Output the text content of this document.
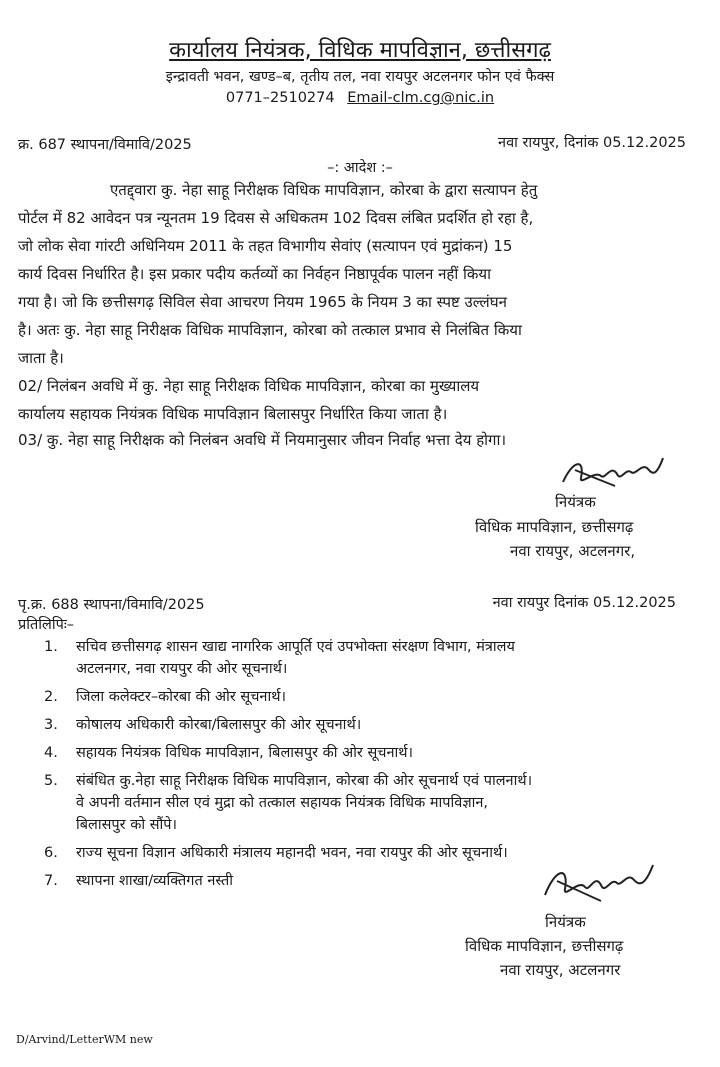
कार्यालय नियंत्रक, विधिक मापविज्ञान, छत्तीसगढ़
इन्द्रावती भवन, खण्ड–ब, तृतीय तल, नवा रायपुर अटलनगर फोन एवं फैक्स
0771–2510274 Email-clm.cg@nic.in
क्र. 687 स्थापना/विमावि/2025	नवा रायपुर, दिनांक 05.12.2025
–: आदेश :–
एतद्द्वारा कु. नेहा साहू निरीक्षक विधिक मापविज्ञान, कोरबा के द्वारा सत्यापन हेतु
पोर्टल में 82 आवेदन पत्र न्यूनतम 19 दिवस से अधिकतम 102 दिवस लंबित प्रदर्शित हो रहा है,
जो लोक सेवा गांरटी अधिनियम 2011 के तहत विभागीय सेवांए (सत्यापन एवं मुद्रांकन) 15
कार्य दिवस निर्धारित है। इस प्रकार पदीय कर्तव्यों का निर्वहन निष्ठापूर्वक पालन नहीं किया
गया है। जो कि छत्तीसगढ़ सिविल सेवा आचरण नियम 1965 के नियम 3 का स्पष्ट उल्लंघन
है। अतः कु. नेहा साहू निरीक्षक विधिक मापविज्ञान, कोरबा को तत्काल प्रभाव से निलंबित किया
जाता है।
02/ निलंबन अवधि में कु. नेहा साहू निरीक्षक विधिक मापविज्ञान, कोरबा का मुख्यालय
कार्यालय सहायक नियंत्रक विधिक मापविज्ञान बिलासपुर निर्धारित किया जाता है।
03/ कु. नेहा साहू निरीक्षक को निलंबन अवधि में नियमानुसार जीवन निर्वाह भत्ता देय होगा।
नियंत्रक
विधिक मापविज्ञान, छत्तीसगढ़
नवा रायपुर, अटलनगर,
पृ.क्र. 688 स्थापना/विमावि/2025	नवा रायपुर दिनांक 05.12.2025
प्रतिलिपिः–
1.	सचिव छत्तीसगढ़ शासन खाद्य नागरिक आपूर्ति एवं उपभोक्ता संरक्षण विभाग, मंत्रालय
अटलनगर, नवा रायपुर की ओर सूचनार्थ।
2.	जिला कलेक्टर–कोरबा की ओर सूचनार्थ।
3.	कोषालय अधिकारी कोरबा/बिलासपुर की ओर सूचनार्थ।
4.	सहायक नियंत्रक विधिक मापविज्ञान, बिलासपुर की ओर सूचनार्थ।
5.	संबंधित कु.नेहा साहू निरीक्षक विधिक मापविज्ञान, कोरबा की ओर सूचनार्थ एवं पालनार्थ।
वे अपनी वर्तमान सील एवं मुद्रा को तत्काल सहायक नियंत्रक विधिक मापविज्ञान,
बिलासपुर को सौंपे।
6.	राज्य सूचना विज्ञान अधिकारी मंत्रालय महानदी भवन, नवा रायपुर की ओर सूचनार्थ।
7.	स्थापना शाखा/व्यक्तिगत नस्ती
नियंत्रक
विधिक मापविज्ञान, छत्तीसगढ़
नवा रायपुर, अटलनगर
D/Arvind/LetterWM new
